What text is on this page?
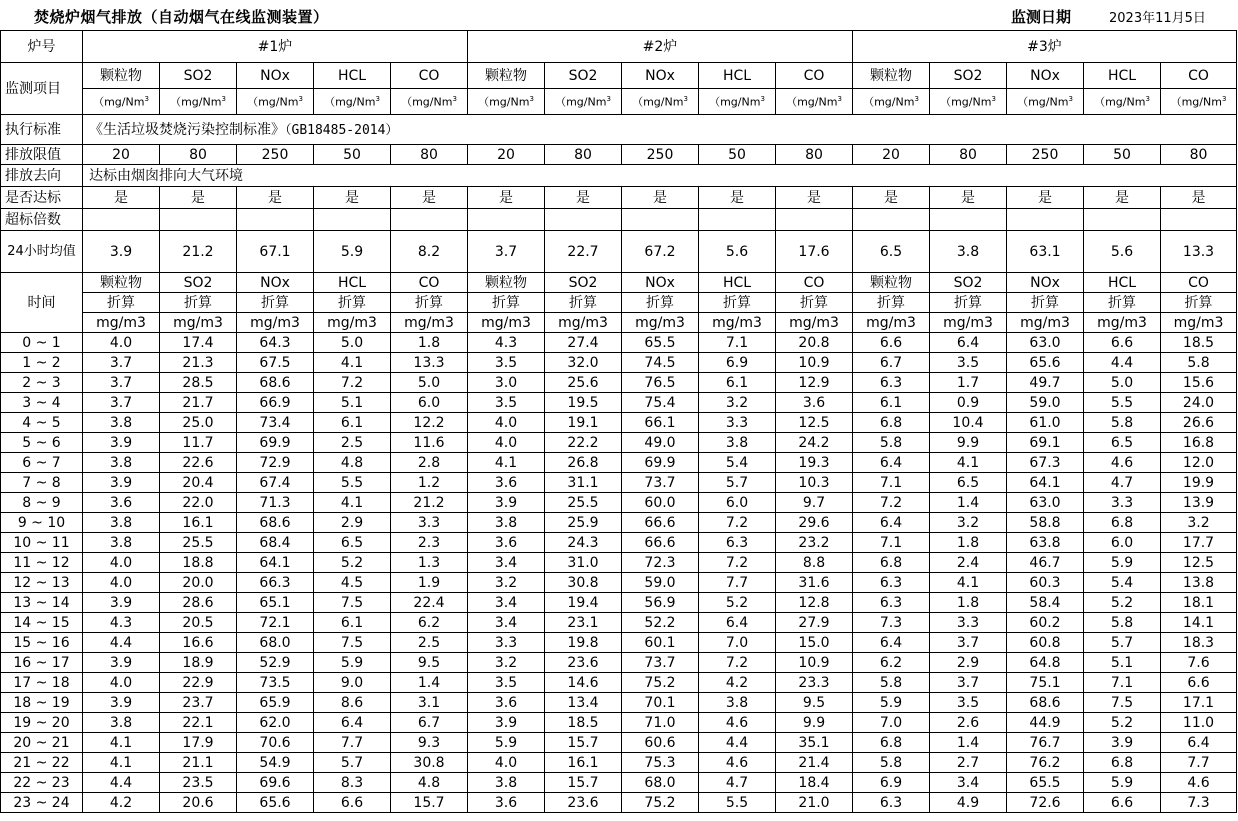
焚烧炉烟气排放（自动烟气在线监测装置）	监测日期	2023年11月5日
炉号	#1炉					#2炉					#3炉				
监测项目	颗粒物	SO2	NOx	HCL	CO	颗粒物	SO2	NOx	HCL	CO	颗粒物	SO2	NOx	HCL	CO
	（mg/Nm$^3$	（mg/Nm$^3$	（mg/Nm$^3$	（mg/Nm$^3$	（mg/Nm$^3$	（mg/Nm$^3$	（mg/Nm$^3$	（mg/Nm$^3$	（mg/Nm$^3$	（mg/Nm$^3$	（mg/Nm$^3$	（mg/Nm$^3$	（mg/Nm$^3$	（mg/Nm$^3$	（mg/Nm$^3$
执行标准	《生活垃圾焚烧污染控制标准》（GB18485-2014）														
排放限值	20	80	250	50	80	20	80	250	50	80	20	80	250	50	80
排放去向	达标由烟囱排向大气环境														
是否达标	是	是	是	是	是	是	是	是	是	是	是	是	是	是	是
超标倍数															
24小时均值	3.9	21.2	67.1	5.9	8.2	3.7	22.7	67.2	5.6	17.6	6.5	3.8	63.1	5.6	13.3
时间	颗粒物	SO2	NOx	HCL	CO	颗粒物	SO2	NOx	HCL	CO	颗粒物	SO2	NOx	HCL	CO
	折算	折算	折算	折算	折算	折算	折算	折算	折算	折算	折算	折算	折算	折算	折算
	mg/m3	mg/m3	mg/m3	mg/m3	mg/m3	mg/m3	mg/m3	mg/m3	mg/m3	mg/m3	mg/m3	mg/m3	mg/m3	mg/m3	mg/m3
0 ~ 1	4.0	17.4	64.3	5.0	1.8	4.3	27.4	65.5	7.1	20.8	6.6	6.4	63.0	6.6	18.5
1 ~ 2	3.7	21.3	67.5	4.1	13.3	3.5	32.0	74.5	6.9	10.9	6.7	3.5	65.6	4.4	5.8
2 ~ 3	3.7	28.5	68.6	7.2	5.0	3.0	25.6	76.5	6.1	12.9	6.3	1.7	49.7	5.0	15.6
3 ~ 4	3.7	21.7	66.9	5.1	6.0	3.5	19.5	75.4	3.2	3.6	6.1	0.9	59.0	5.5	24.0
4 ~ 5	3.8	25.0	73.4	6.1	12.2	4.0	19.1	66.1	3.3	12.5	6.8	10.4	61.0	5.8	26.6
5 ~ 6	3.9	11.7	69.9	2.5	11.6	4.0	22.2	49.0	3.8	24.2	5.8	9.9	69.1	6.5	16.8
6 ~ 7	3.8	22.6	72.9	4.8	2.8	4.1	26.8	69.9	5.4	19.3	6.4	4.1	67.3	4.6	12.0
7 ~ 8	3.9	20.4	67.4	5.5	1.2	3.6	31.1	73.7	5.7	10.3	7.1	6.5	64.1	4.7	19.9
8 ~ 9	3.6	22.0	71.3	4.1	21.2	3.9	25.5	60.0	6.0	9.7	7.2	1.4	63.0	3.3	13.9
9 ~ 10	3.8	16.1	68.6	2.9	3.3	3.8	25.9	66.6	7.2	29.6	6.4	3.2	58.8	6.8	3.2
10 ~ 11	3.8	25.5	68.4	6.5	2.3	3.6	24.3	66.6	6.3	23.2	7.1	1.8	63.8	6.0	17.7
11 ~ 12	4.0	18.8	64.1	5.2	1.3	3.4	31.0	72.3	7.2	8.8	6.8	2.4	46.7	5.9	12.5
12 ~ 13	4.0	20.0	66.3	4.5	1.9	3.2	30.8	59.0	7.7	31.6	6.3	4.1	60.3	5.4	13.8
13 ~ 14	3.9	28.6	65.1	7.5	22.4	3.4	19.4	56.9	5.2	12.8	6.3	1.8	58.4	5.2	18.1
14 ~ 15	4.3	20.5	72.1	6.1	6.2	3.4	23.1	52.2	6.4	27.9	7.3	3.3	60.2	5.8	14.1
15 ~ 16	4.4	16.6	68.0	7.5	2.5	3.3	19.8	60.1	7.0	15.0	6.4	3.7	60.8	5.7	18.3
16 ~ 17	3.9	18.9	52.9	5.9	9.5	3.2	23.6	73.7	7.2	10.9	6.2	2.9	64.8	5.1	7.6
17 ~ 18	4.0	22.9	73.5	9.0	1.4	3.5	14.6	75.2	4.2	23.3	5.8	3.7	75.1	7.1	6.6
18 ~ 19	3.9	23.7	65.9	8.6	3.1	3.6	13.4	70.1	3.8	9.5	5.9	3.5	68.6	7.5	17.1
19 ~ 20	3.8	22.1	62.0	6.4	6.7	3.9	18.5	71.0	4.6	9.9	7.0	2.6	44.9	5.2	11.0
20 ~ 21	4.1	17.9	70.6	7.7	9.3	5.9	15.7	60.6	4.4	35.1	6.8	1.4	76.7	3.9	6.4
21 ~ 22	4.1	21.1	54.9	5.7	30.8	4.0	16.1	75.3	4.6	21.4	5.8	2.7	76.2	6.8	7.7
22 ~ 23	4.4	23.5	69.6	8.3	4.8	3.8	15.7	68.0	4.7	18.4	6.9	3.4	65.5	5.9	4.6
23 ~ 24	4.2	20.6	65.6	6.6	15.7	3.6	23.6	75.2	5.5	21.0	6.3	4.9	72.6	6.6	7.3
